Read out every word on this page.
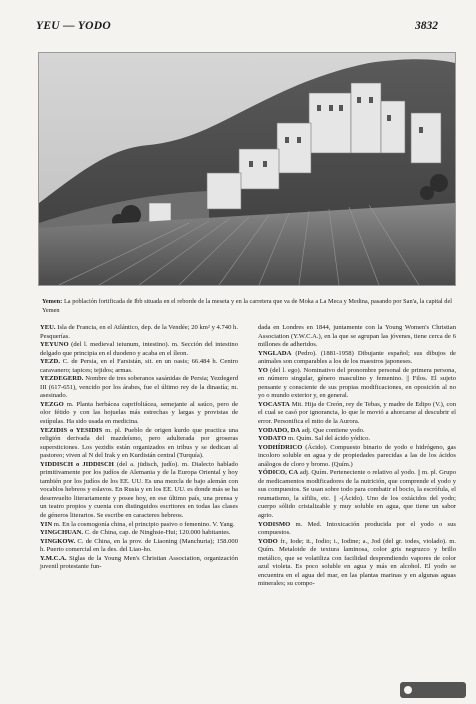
YEU — YODO	3832
Yemen: La población fortificada de Ibb situada en el reborde de la meseta y en la carretera que va de Moka a La Meca y Medina, pasando por San'a, la capital del Yemen

YEU. Isla de Francia, en el Atlántico, dep. de la Vendée; 20 km² y 4.740 h. Pesquerías.

YEYUNO (del l. medieval ieiunum, intestino). m. Sección del intestino delgado que principia en el duodeno y acaba en el íleon.

YEZD. C. de Persia, en el Farsistán, sit. en un oasis; 66.484 h. Centro caravanero; tapices; tejidos; armas.

YEZDEGERD. Nombre de tres soberanos sasánidas de Persia; Yezdegerd III (617-651), vencido por los árabes, fue el último rey de la dinastía; m. asesinado.

YEZGO m. Planta herbácea caprifoliácea, semejante al saúco, pero de olor fétido y con las hojuelas más estrechas y largas y provistas de estípulas. Ha sido usada en medicina.

YEZIDIS o YESIDIS m. pl. Pueblo de origen kurdo que practica una religión derivada del mazdeísmo, pero adulterada por groseras supersticiones. Los yezidis están organizados en tribus y se dedican al pastoreo; viven al N del Irak y en Kurdistán central (Turquía).

YIDDISCH o JIDDISCH (del a. jüdisch, judío). m. Dialecto hablado primitivamente por los judíos de Alemania y de la Europa Oriental y hoy también por los judíos de los EE. UU. Es una mezcla de bajo alemán con vocablos hebreos y eslavos. En Rusia y en los EE. UU. es donde más se ha desenvuelto literariamente y posee hoy, en ese último país, una prensa y un teatro propios y cuenta con distinguidos escritores en todas las clases de géneros literarios. Se escribe en caracteres hebreos.

YIN m. En la cosmogonía china, el principio pasivo o femenino. V. Yang.

YINGCHUAN. C. de China, cap. de Ninghsie-Hui; 120.000 habitantes.

YINGKOW. C. de China, en la prov. de Liaoning (Manchuria); 158.000 h. Puerto comercial en la des. del Liao-ho.

Y.M.C.A. Siglas de la Young Men's Christian Association, organización juvenil protestante fun-

dada en Londres en 1844, juntamente con la Young Women's Christian Association (Y.W.C.A.), en la que se agrupan las jóvenes, tiene cerca de 6 millones de adheridos.

YNGLADA (Pedro). (1881-1958) Dibujante español; sus dibujos de animales son comparables a los de los maestros japoneses.

YO (del l. ego). Nominativo del pronombre personal de primera persona, en número singular, género masculino y femenino. || Filos. El sujeto pensante y consciente de sus propias modificaciones, en oposición al no yo o mundo exterior y, en general.

YOCASTA Mit. Hija de Creón, rey de Tebas, y madre de Edipo (V.), con el cual se casó por ignorancia, lo que le movió a ahorcarse al descubrir el error. Personifica el mito de la Aurora.

YODADO, DA adj. Que contiene yodo.

YODATO m. Quím. Sal del ácido yódico.

YODHÍDRICO (Ácido). Compuesto binario de yodo e hidrógeno, gas incoloro soluble en agua y de propiedades parecidas a las de los ácidos análogos de cloro y bromo. (Quím.)

YÓDICO, CA adj. Quím. Perteneciente o relativo al yodo. || m. pl. Grupo de medicamentos modificadores de la nutrición, que comprende el yodo y sus compuestos. Se usan sobre todo para combatir el bocio, la escrófula, el reumatismo, la sífilis, etc. || -(Ácido). Uno de los oxiácidos del yodo; cuerpo sólido cristalizable y muy soluble en agua, que tiene un sabor agrio.

YODISMO m. Med. Intoxicación producida por el yodo o sus compuestos.

YODO fr., Iode; it., Iodio; i., Iodine; a., Jod (del gr. iodes, violado). m. Quím. Metaloide de textura laminosa, color gris negruzco y brillo metálico, que se volatiliza con facilidad desprendiendo vapores de color azul violeta. Es poco soluble en agua y más en alcohol. El yodo se encuentra en el agua del mar, en las plantas marinas y en algunas aguas minerales; su compo-
